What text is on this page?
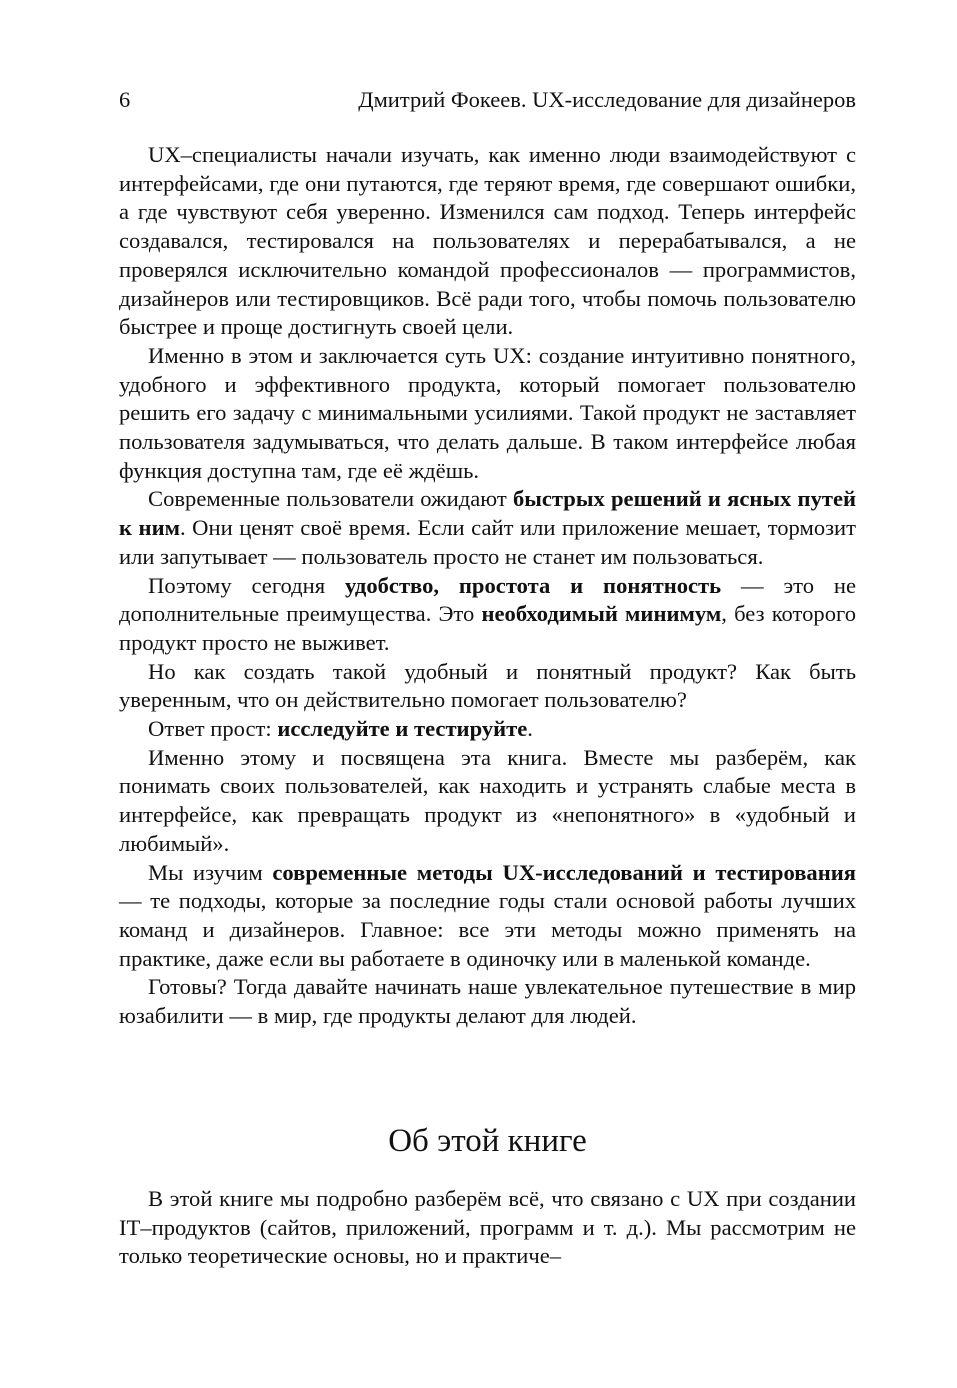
6	Дмитрий Фокеев. UX-исследование для дизайнеров

UX–специалисты начали изучать, как именно люди взаимодействуют с интерфейсами, где они путаются, где теряют время, где совершают ошибки, а где чувствуют себя уверенно. Изменился сам подход. Теперь интерфейс создавался, тестировался на пользователях и перерабатывался, а не проверялся исключительно командой профессионалов — программистов, дизайнеров или тестировщиков. Всё ради того, чтобы помочь пользователю быстрее и проще достигнуть своей цели.

Именно в этом и заключается суть UX: создание интуитивно понятного, удобного и эффективного продукта, который помогает пользователю решить его задачу с минимальными усилиями. Такой продукт не заставляет пользователя задумываться, что делать дальше. В таком интерфейсе любая функция доступна там, где её ждёшь.

Современные пользователи ожидают быстрых решений и ясных путей к ним. Они ценят своё время. Если сайт или приложение мешает, тормозит или запутывает — пользователь просто не станет им пользоваться.

Поэтому сегодня удобство, простота и понятность — это не дополнительные преимущества. Это необходимый минимум, без которого продукт просто не выживет.

Но как создать такой удобный и понятный продукт? Как быть уверенным, что он действительно помогает пользователю?

Ответ прост: исследуйте и тестируйте.

Именно этому и посвящена эта книга. Вместе мы разберём, как понимать своих пользователей, как находить и устранять слабые места в интерфейсе, как превращать продукт из «непонятного» в «удобный и любимый».

Мы изучим современные методы UX-исследований и тестирования — те подходы, которые за последние годы стали основой работы лучших команд и дизайнеров. Главное: все эти методы можно применять на практике, даже если вы работаете в одиночку или в маленькой команде.

Готовы? Тогда давайте начинать наше увлекательное путешествие в мир юзабилити — в мир, где продукты делают для людей.

Об этой книге

В этой книге мы подробно разберём всё, что связано с UX при создании IT–продуктов (сайтов, приложений, программ и т. д.). Мы рассмотрим не только теоретические основы, но и практиче–
